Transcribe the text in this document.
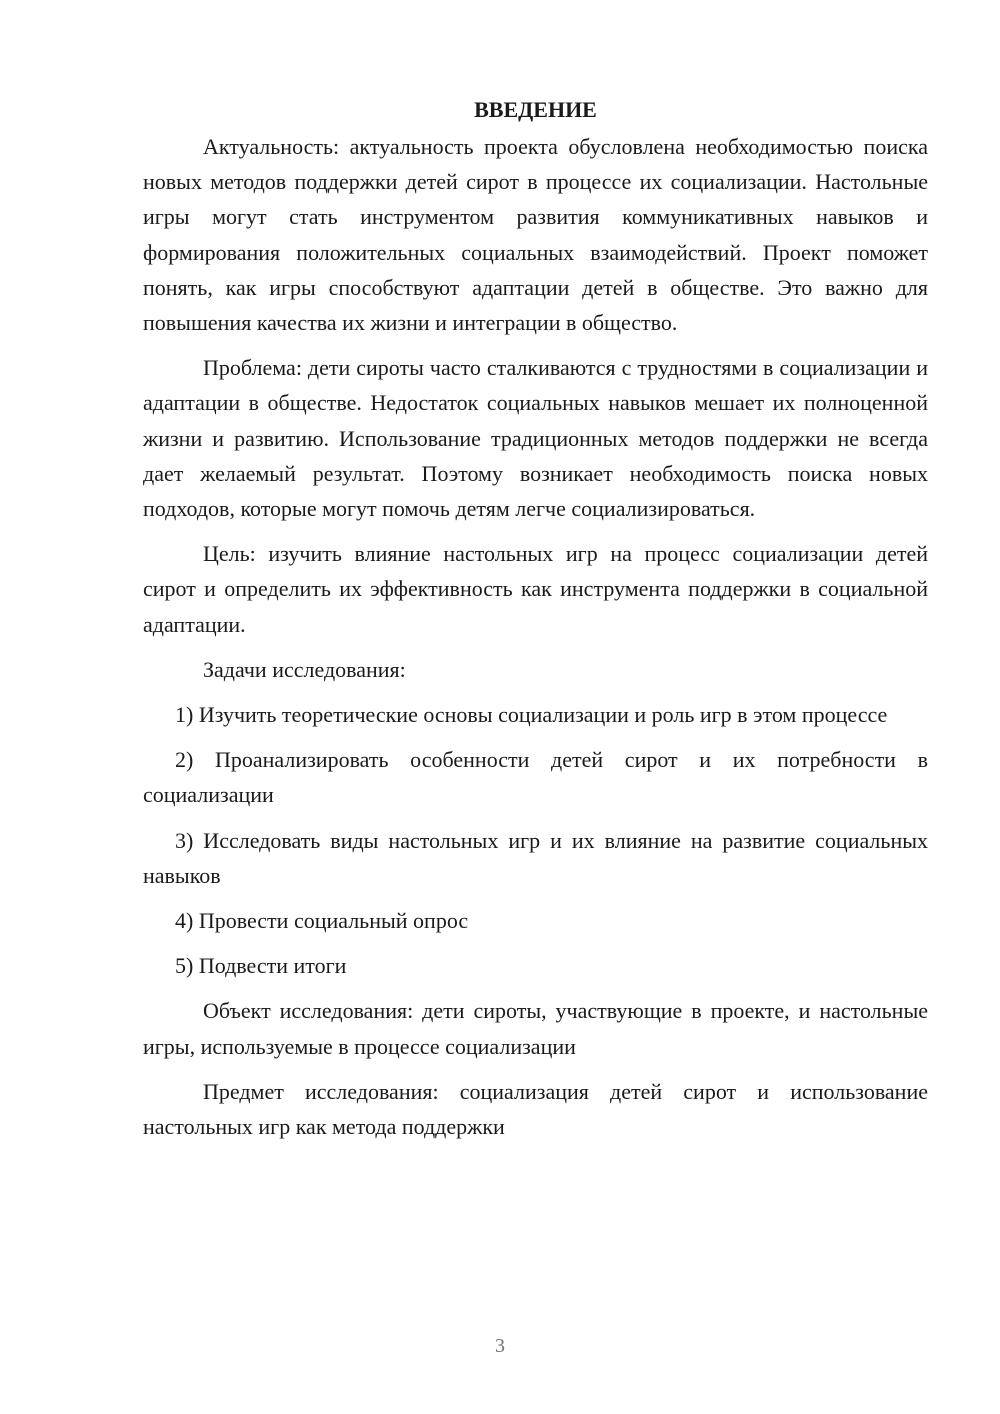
ВВЕДЕНИЕ

Актуальность: актуальность проекта обусловлена необходимостью поиска новых методов поддержки детей сирот в процессе их социализации. Настольные игры могут стать инструментом развития коммуникативных навыков и формирования положительных социальных взаимодействий. Проект поможет понять, как игры способствуют адаптации детей в обществе. Это важно для повышения качества их жизни и интеграции в общество.

Проблема: дети сироты часто сталкиваются с трудностями в социализации и адаптации в обществе. Недостаток социальных навыков мешает их полноценной жизни и развитию. Использование традиционных методов поддержки не всегда дает желаемый результат. Поэтому возникает необходимость поиска новых подходов, которые могут помочь детям легче социализироваться.

Цель: изучить влияние настольных игр на процесс социализации детей сирот и определить их эффективность как инструмента поддержки в социальной адаптации.

Задачи исследования:

1) Изучить теоретические основы социализации и роль игр в этом процессе

2) Проанализировать особенности детей сирот и их потребности в социализации

3) Исследовать виды настольных игр и их влияние на развитие социальных навыков

4) Провести социальный опрос

5) Подвести итоги

Объект исследования: дети сироты, участвующие в проекте, и настольные игры, используемые в процессе социализации

Предмет исследования: социализация детей сирот и использование настольных игр как метода поддержки

3
